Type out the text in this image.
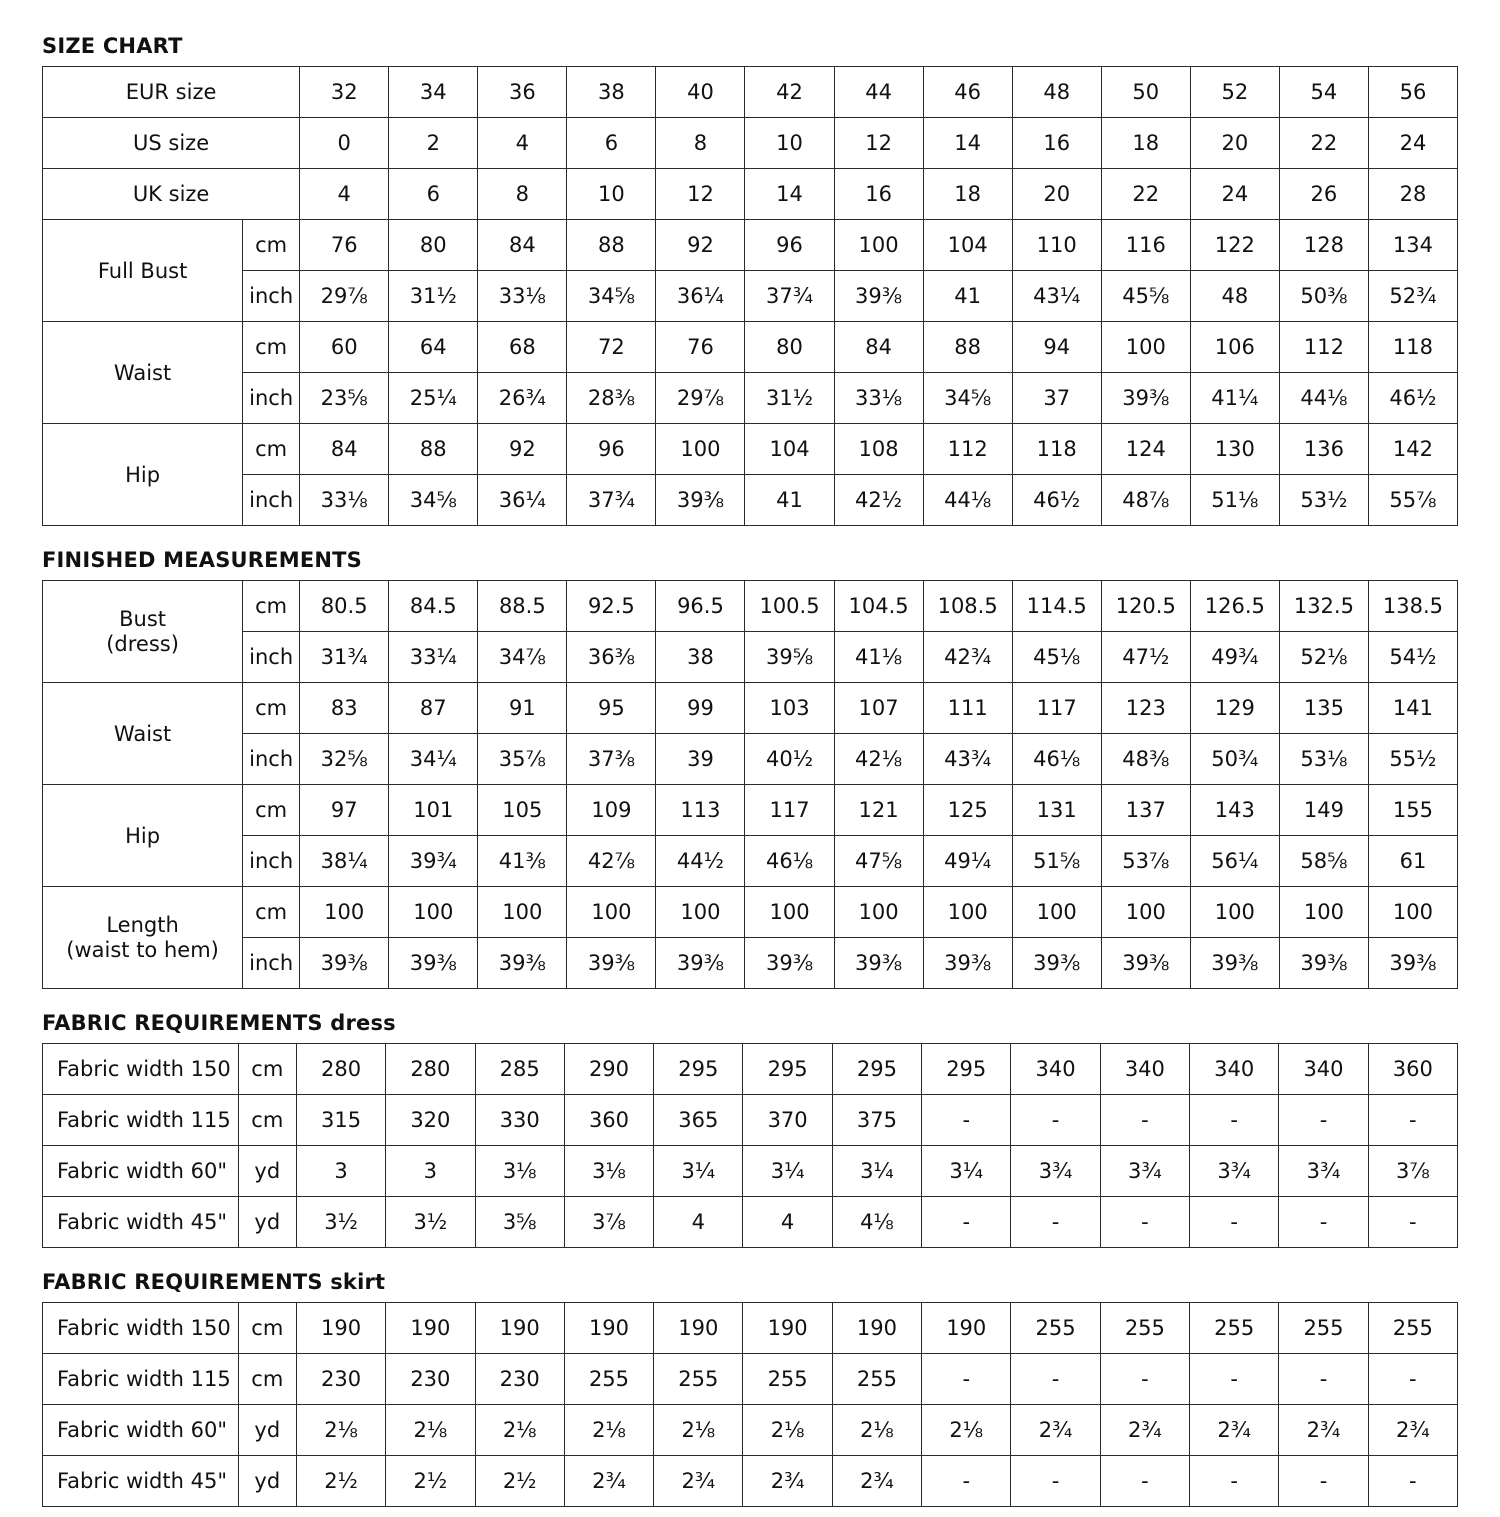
SIZE CHART
EUR size		32	34	36	38	40	42	44	46	48	50	52	54	56
US size		0	2	4	6	8	10	12	14	16	18	20	22	24
UK size		4	6	8	10	12	14	16	18	20	22	24	26	28
Full Bust	cm	76	80	84	88	92	96	100	104	110	116	122	128	134
	inch	29⅞	31½	33⅛	34⅝	36¼	37¾	39⅜	41	43¼	45⅝	48	50⅜	52¾
Waist	cm	60	64	68	72	76	80	84	88	94	100	106	112	118
	inch	23⅝	25¼	26¾	28⅜	29⅞	31½	33⅛	34⅝	37	39⅜	41¼	44⅛	46½
Hip	cm	84	88	92	96	100	104	108	112	118	124	130	136	142
	inch	33⅛	34⅝	36¼	37¾	39⅜	41	42½	44⅛	46½	48⅞	51⅛	53½	55⅞
FINISHED MEASUREMENTS
Bust
(dress)	cm	80.5	84.5	88.5	92.5	96.5	100.5	104.5	108.5	114.5	120.5	126.5	132.5	138.5
	inch	31¾	33¼	34⅞	36⅜	38	39⅝	41⅛	42¾	45⅛	47½	49¾	52⅛	54½
Waist	cm	83	87	91	95	99	103	107	111	117	123	129	135	141
	inch	32⅝	34¼	35⅞	37⅜	39	40½	42⅛	43¾	46⅛	48⅜	50¾	53⅛	55½
Hip	cm	97	101	105	109	113	117	121	125	131	137	143	149	155
	inch	38¼	39¾	41⅜	42⅞	44½	46⅛	47⅝	49¼	51⅝	53⅞	56¼	58⅝	61
Length
(waist to hem)	cm	100	100	100	100	100	100	100	100	100	100	100	100	100
	inch	39⅜	39⅜	39⅜	39⅜	39⅜	39⅜	39⅜	39⅜	39⅜	39⅜	39⅜	39⅜	39⅜
FABRIC REQUIREMENTS dress
Fabric width 150	cm	280	280	285	290	295	295	295	295	340	340	340	340	360
Fabric width 115	cm	315	320	330	360	365	370	375	-	-	-	-	-	-
Fabric width 60"	yd	3	3	3⅛	3⅛	3¼	3¼	3¼	3¼	3¾	3¾	3¾	3¾	3⅞
Fabric width 45"	yd	3½	3½	3⅝	3⅞	4	4	4⅛	-	-	-	-	-	-
FABRIC REQUIREMENTS skirt
Fabric width 150	cm	190	190	190	190	190	190	190	190	255	255	255	255	255
Fabric width 115	cm	230	230	230	255	255	255	255	-	-	-	-	-	-
Fabric width 60"	yd	2⅛	2⅛	2⅛	2⅛	2⅛	2⅛	2⅛	2⅛	2¾	2¾	2¾	2¾	2¾
Fabric width 45"	yd	2½	2½	2½	2¾	2¾	2¾	2¾	-	-	-	-	-	-
